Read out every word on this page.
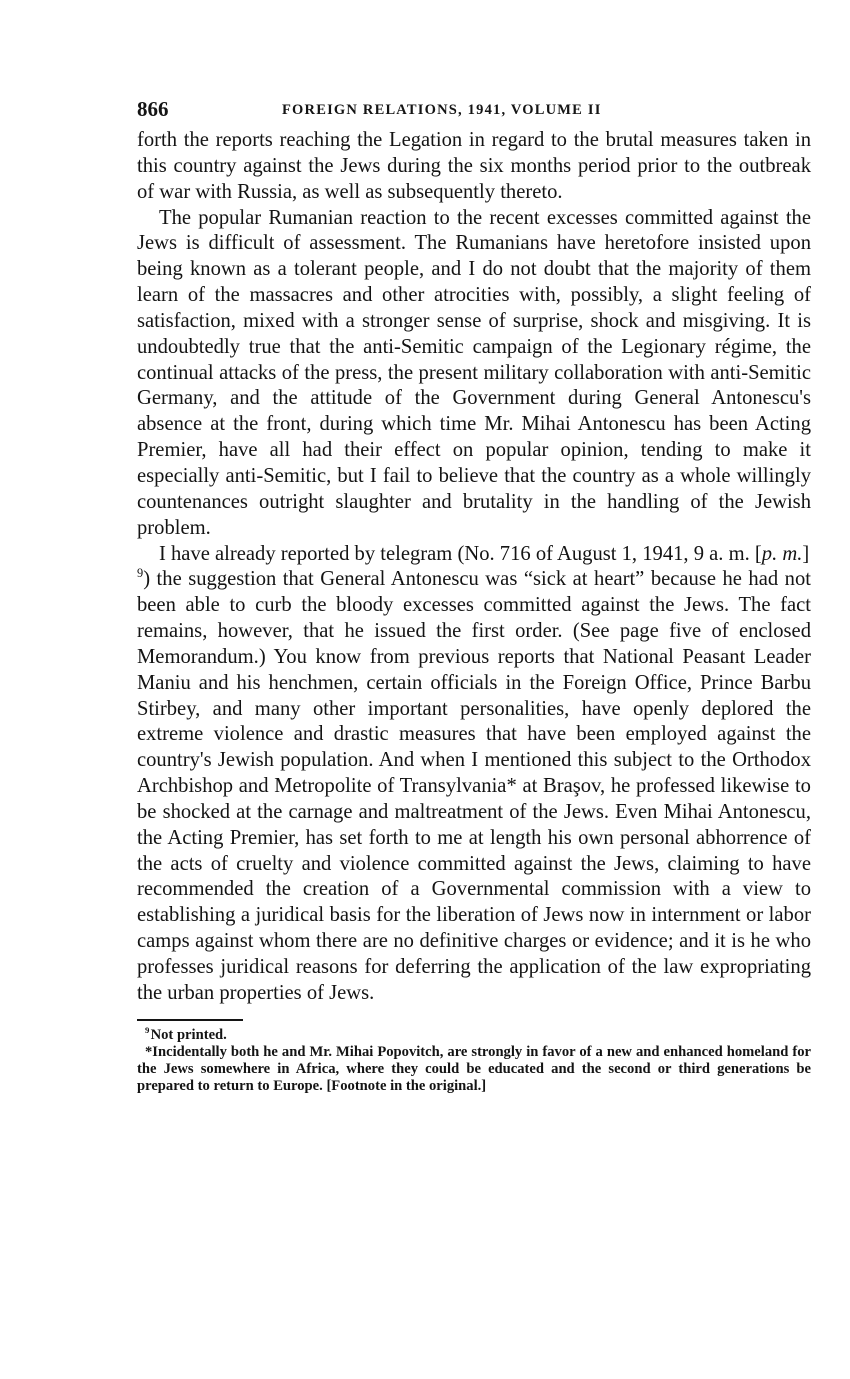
866	FOREIGN RELATIONS, 1941, VOLUME II

forth the reports reaching the Legation in regard to the brutal measures taken in this country against the Jews during the six months period prior to the outbreak of war with Russia, as well as subsequently thereto.

The popular Rumanian reaction to the recent excesses committed against the Jews is difficult of assessment. The Rumanians have heretofore insisted upon being known as a tolerant people, and I do not doubt that the majority of them learn of the massacres and other atrocities with, possibly, a slight feeling of satisfaction, mixed with a stronger sense of surprise, shock and misgiving. It is undoubtedly true that the anti-Semitic campaign of the Legionary régime, the continual attacks of the press, the present military collaboration with anti-Semitic Germany, and the attitude of the Government during General Antonescu's absence at the front, during which time Mr. Mihai Antonescu has been Acting Premier, have all had their effect on popular opinion, tending to make it especially anti-Semitic, but I fail to believe that the country as a whole willingly countenances outright slaughter and brutality in the handling of the Jewish problem.

I have already reported by telegram (No. 716 of August 1, 1941, 9 a. m. [p. m.] $^9$) the suggestion that General Antonescu was “sick at heart” because he had not been able to curb the bloody excesses committed against the Jews. The fact remains, however, that he issued the first order. (See page five of enclosed Memorandum.) You know from previous reports that National Peasant Leader Maniu and his henchmen, certain officials in the Foreign Office, Prince Barbu Stirbey, and many other important personalities, have openly deplored the extreme violence and drastic measures that have been employed against the country's Jewish population. And when I mentioned this subject to the Orthodox Archbishop and Metropolite of Transylvania* at Braşov, he professed likewise to be shocked at the carnage and maltreatment of the Jews. Even Mihai Antonescu, the Acting Premier, has set forth to me at length his own personal abhorrence of the acts of cruelty and violence committed against the Jews, claiming to have recommended the creation of a Governmental commission with a view to establishing a juridical basis for the liberation of Jews now in internment or labor camps against whom there are no definitive charges or evidence; and it is he who professes juridical reasons for deferring the application of the law expropriating the urban properties of Jews.

$^9$ Not printed.

*Incidentally both he and Mr. Mihai Popovitch, are strongly in favor of a new and enhanced homeland for the Jews somewhere in Africa, where they could be educated and the second or third generations be prepared to return to Europe. [Footnote in the original.]
